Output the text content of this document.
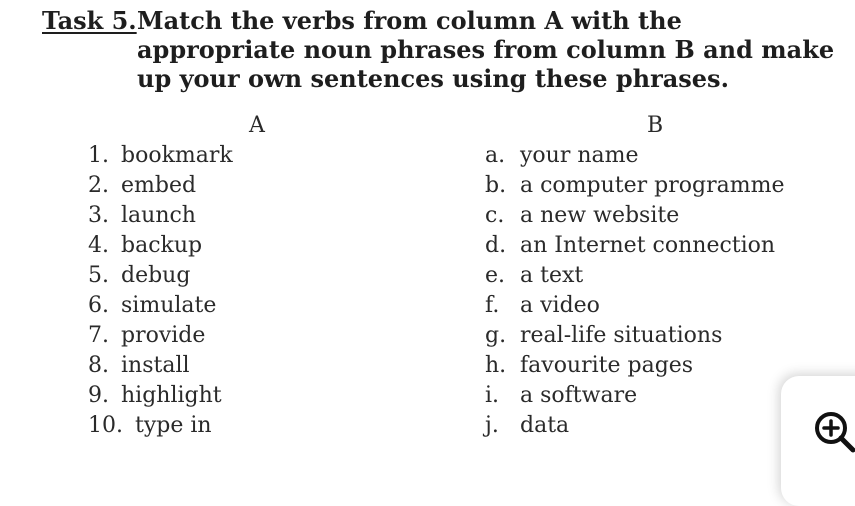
Task 5. Match the verbs from column A with the appropriate noun phrases from column B and make up your own sentences using these phrases.
A	B
1. bookmark
2. embed
3. launch
4. backup
5. debug
6. simulate
7. provide
8. install
9. highlight
10. type in
a. your name
b. a computer programme
c. a new website
d. an Internet connection
e. a text
f. a video
g. real-life situations
h. favourite pages
i. a software
j. data
